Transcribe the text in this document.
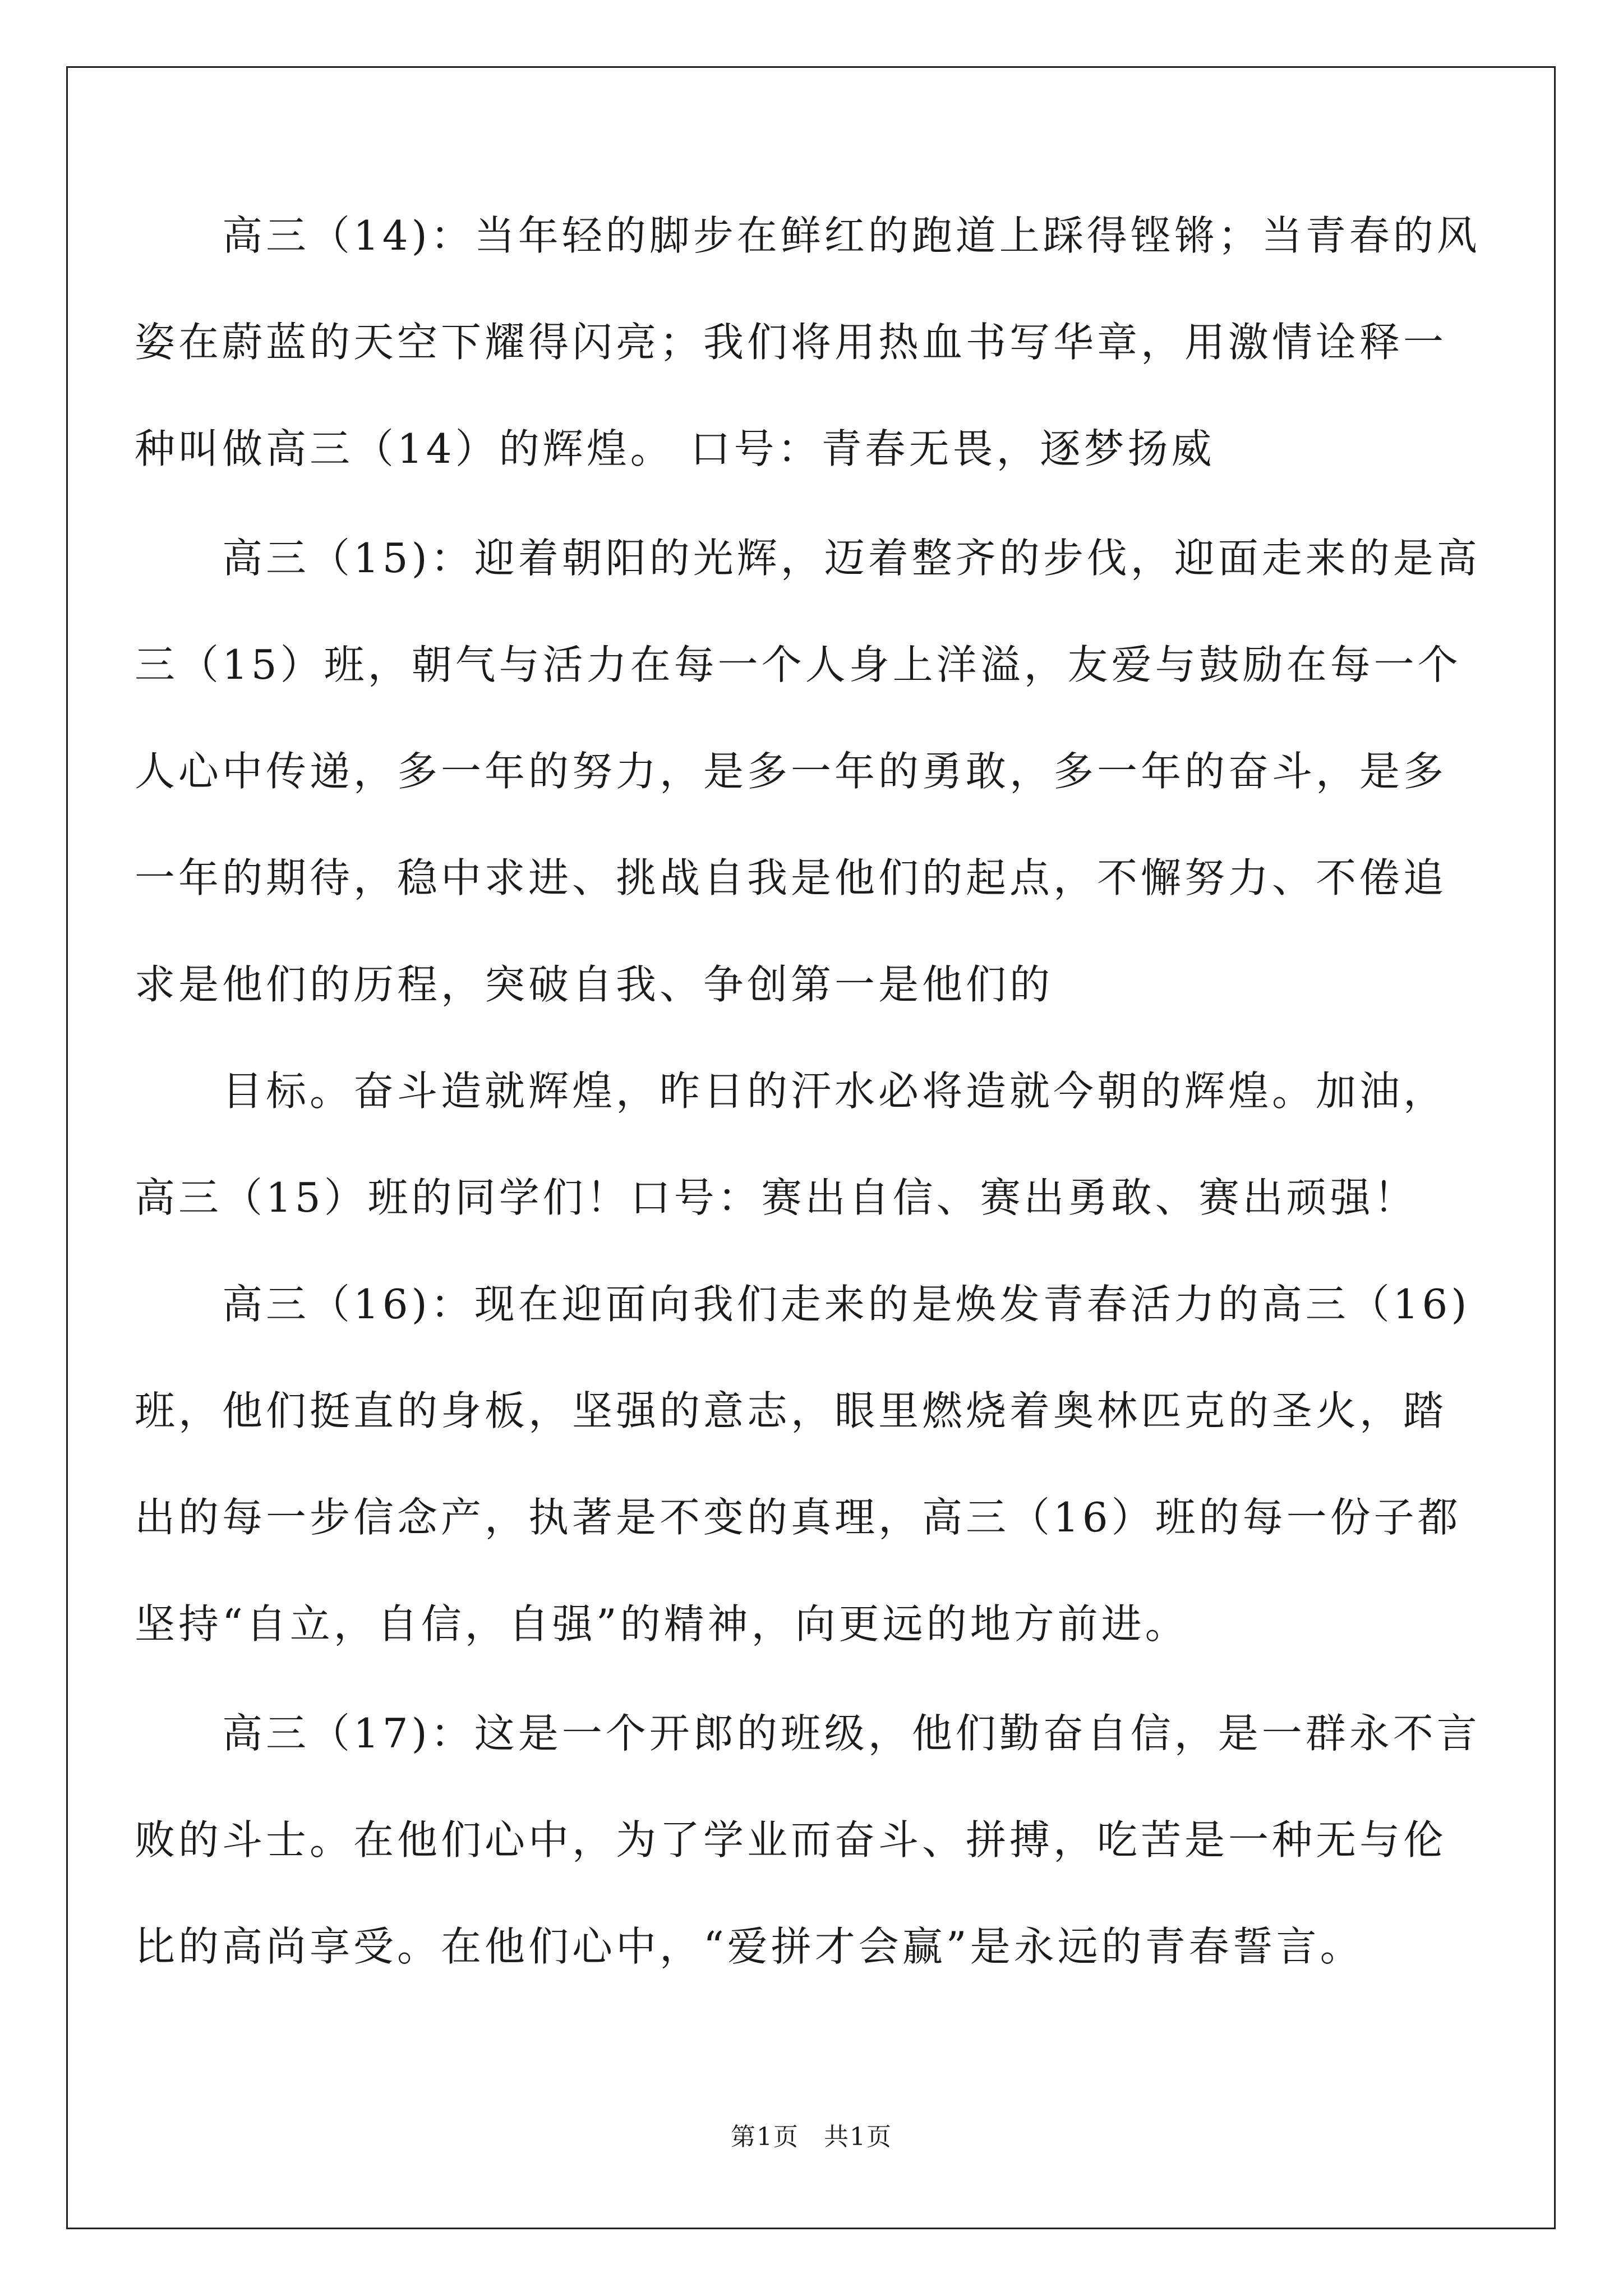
　　高三（14)：当年轻的脚步在鲜红的跑道上踩得铿锵；当青春的风
姿在蔚蓝的天空下耀得闪亮；我们将用热血书写华章，用激情诠释一
种叫做高三（14）的辉煌。 口号：青春无畏，逐梦扬威
　　高三（15)：迎着朝阳的光辉，迈着整齐的步伐，迎面走来的是高
三（15）班，朝气与活力在每一个人身上洋溢，友爱与鼓励在每一个
人心中传递，多一年的努力，是多一年的勇敢，多一年的奋斗，是多
一年的期待，稳中求进、挑战自我是他们的起点，不懈努力、不倦追
求是他们的历程，突破自我、争创第一是他们的
　　目标。奋斗造就辉煌，昨日的汗水必将造就今朝的辉煌。加油，
高三（15）班的同学们！口号：赛出自信、赛出勇敢、赛出顽强！
　　高三（16)：现在迎面向我们走来的是焕发青春活力的高三（16)
班，他们挺直的身板，坚强的意志，眼里燃烧着奥林匹克的圣火，踏
出的每一步信念产，执著是不变的真理，高三（16）班的每一份子都
坚持“自立，自信，自强”的精神，向更远的地方前进。
　　高三（17)：这是一个开郎的班级，他们勤奋自信，是一群永不言
败的斗士。在他们心中，为了学业而奋斗、拼搏，吃苦是一种无与伦
比的高尚享受。在他们心中，“爱拼才会赢”是永远的青春誓言。
第1页 共1页
